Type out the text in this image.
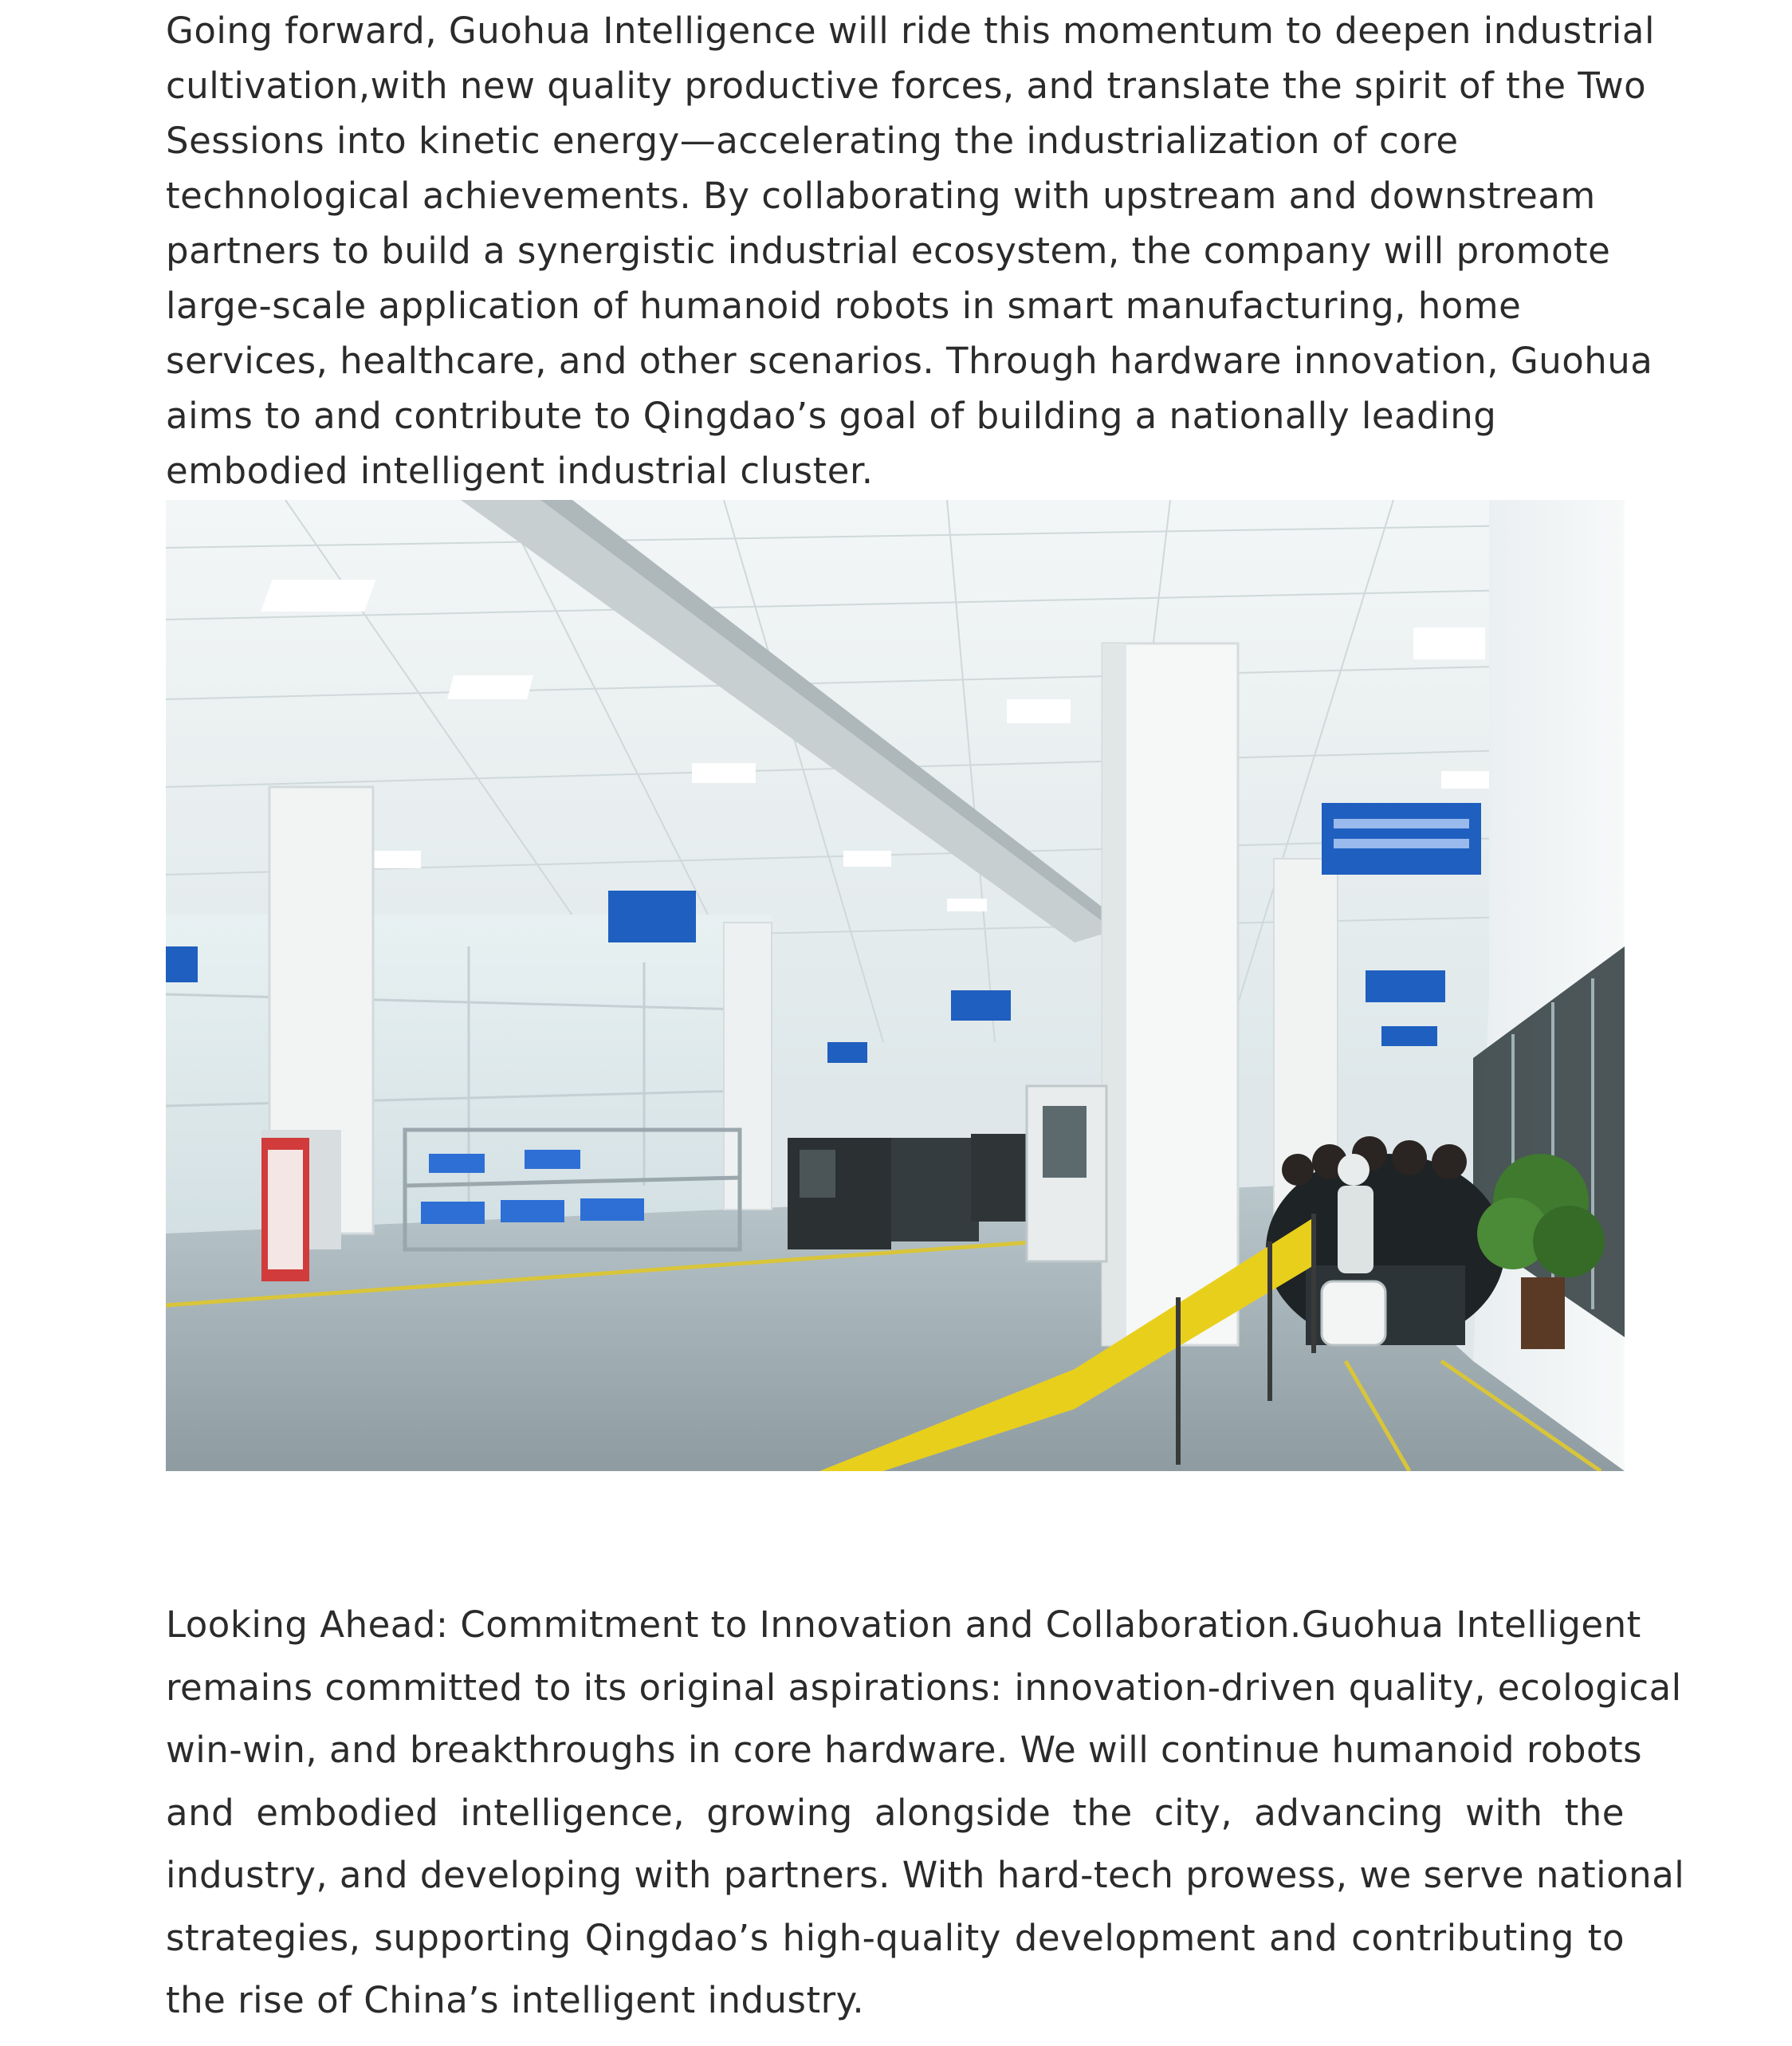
Going forward, Guohua Intelligence will ride this momentum to deepen industrial
cultivation,with new quality productive forces, and translate the spirit of the Two
Sessions into kinetic energy—accelerating the industrialization of core
technological achievements. By collaborating with upstream and downstream
partners to build a synergistic industrial ecosystem, the company will promote
large-scale application of humanoid robots in smart manufacturing, home
services, healthcare, and other scenarios. Through hardware innovation, Guohua
aims to and contribute to Qingdao’s goal of building a nationally leading
embodied intelligent industrial cluster.

Looking Ahead: Commitment to Innovation and Collaboration.Guohua Intelligent
remains committed to its original aspirations: innovation-driven quality, ecological
win-win, and breakthroughs in core hardware. We will continue humanoid robots
and embodied intelligence, growing alongside the city, advancing with the
industry, and developing with partners. With hard-tech prowess, we serve national
strategies, supporting Qingdao’s high-quality development and contributing to
the rise of China’s intelligent industry.
